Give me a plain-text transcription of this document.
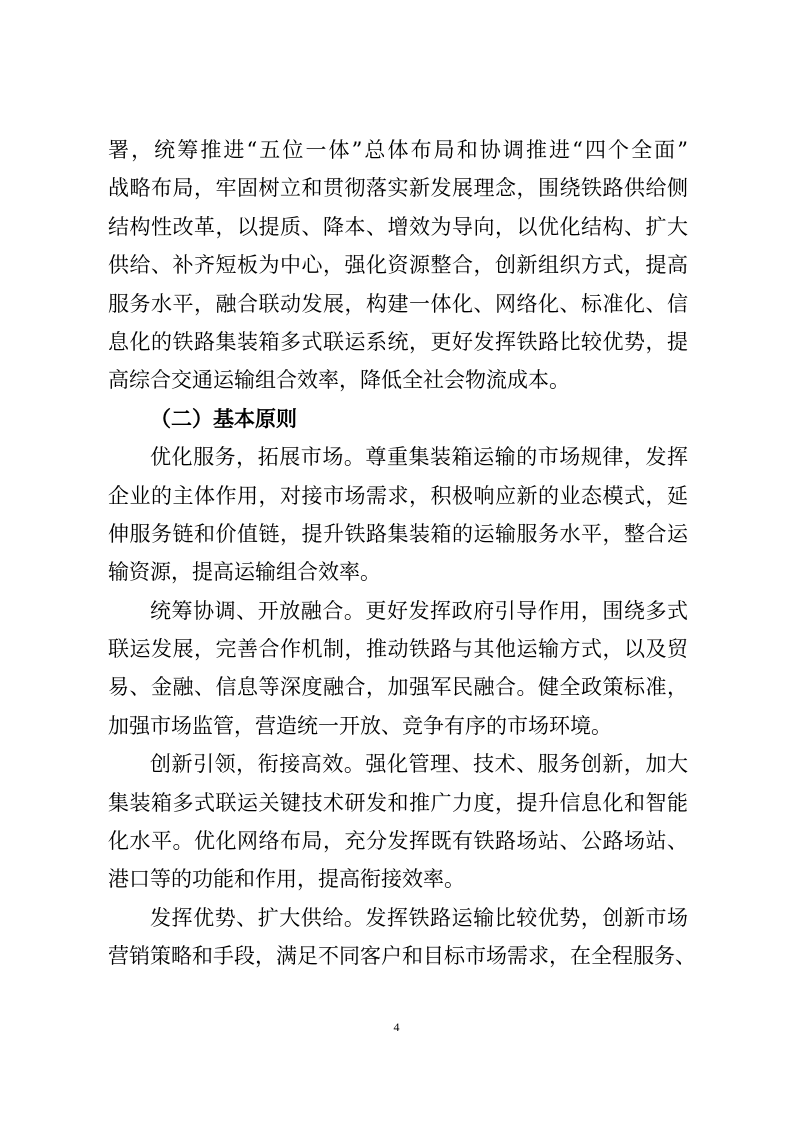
署，统筹推进“五位一体”总体布局和协调推进“四个全面”
战略布局，牢固树立和贯彻落实新发展理念，围绕铁路供给侧
结构性改革，以提质、降本、增效为导向，以优化结构、扩大
供给、补齐短板为中心，强化资源整合，创新组织方式，提高
服务水平，融合联动发展，构建一体化、网络化、标准化、信
息化的铁路集装箱多式联运系统，更好发挥铁路比较优势，提
高综合交通运输组合效率，降低全社会物流成本。
（二）基本原则
优化服务，拓展市场。尊重集装箱运输的市场规律，发挥
企业的主体作用，对接市场需求，积极响应新的业态模式，延
伸服务链和价值链，提升铁路集装箱的运输服务水平，整合运
输资源，提高运输组合效率。
统筹协调、开放融合。更好发挥政府引导作用，围绕多式
联运发展，完善合作机制，推动铁路与其他运输方式，以及贸
易、金融、信息等深度融合，加强军民融合。健全政策标准，
加强市场监管，营造统一开放、竞争有序的市场环境。
创新引领，衔接高效。强化管理、技术、服务创新，加大
集装箱多式联运关键技术研发和推广力度，提升信息化和智能
化水平。优化网络布局，充分发挥既有铁路场站、公路场站、
港口等的功能和作用，提高衔接效率。
发挥优势、扩大供给。发挥铁路运输比较优势，创新市场
营销策略和手段，满足不同客户和目标市场需求，在全程服务、
4
